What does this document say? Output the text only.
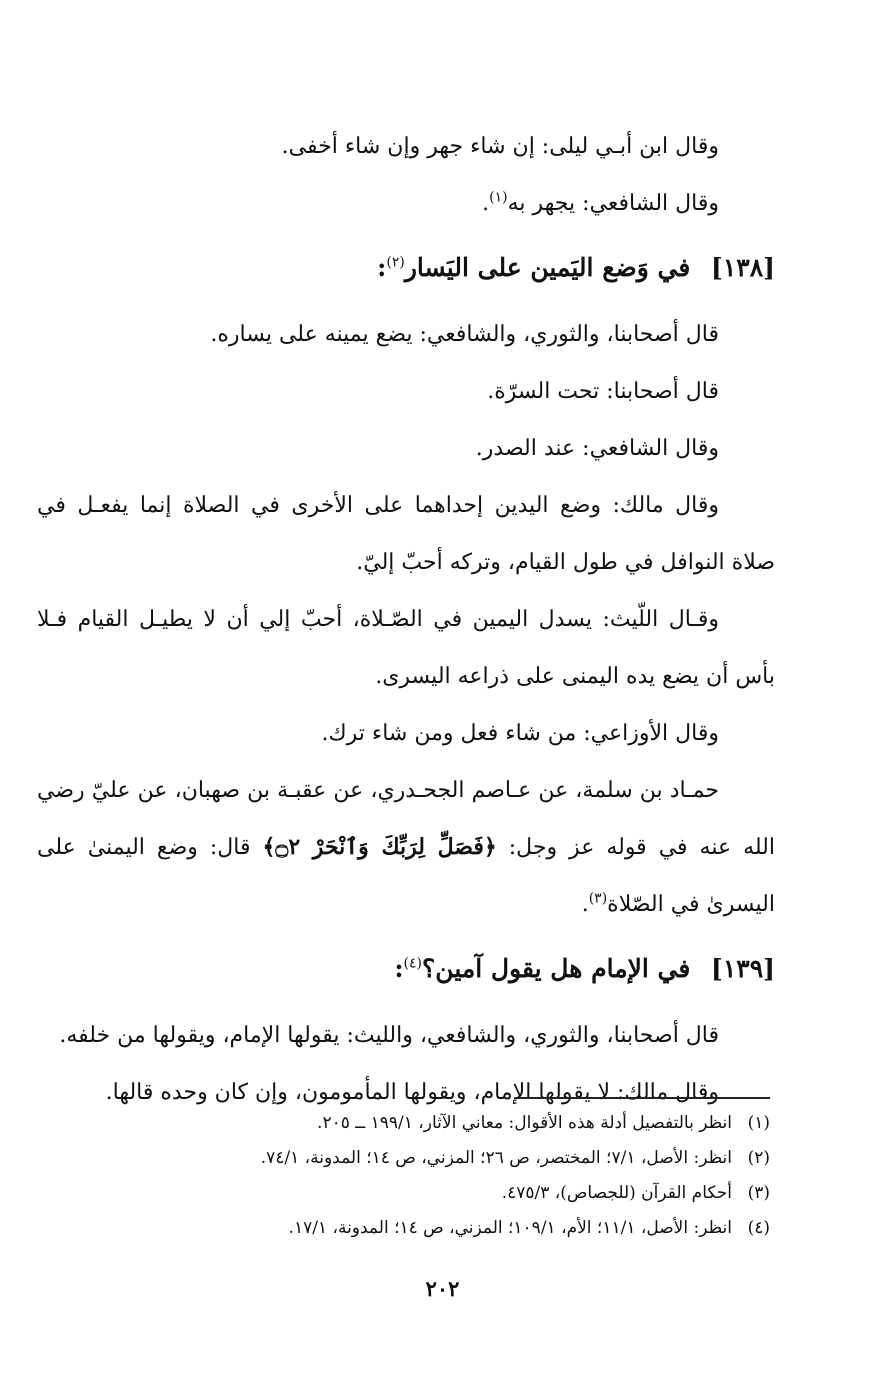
وقال ابن أبـي ليلى: إن شاء جهر وإن شاء أخفى.

وقال الشافعي: يجهر به$^{(١)}$.

[١٣٨] في وَضع اليَمين على اليَسار$^{(٢)}$:

قال أصحابنا، والثوري، والشافعي: يضع يمينه على يساره.

قال أصحابنا: تحت السرّة.

وقال الشافعي: عند الصدر.

وقال مالك: وضع اليدين إحداهما على الأخرى في الصلاة إنما يفعـل في صلاة النوافل في طول القيام، وتركه أحبّ إليّ.

وقـال اللّيث: يسدل اليمين في الصّـلاة، أحبّ إلي أن لا يطيـل القيام فـلا بأس أن يضع يده اليمنى على ذراعه اليسرى.

وقال الأوزاعي: من شاء فعل ومن شاء ترك.

حمـاد بن سلمة، عن عـاصم الجحـدري، عن عقبـة بن صهبان، عن عليّ رضي الله عنه في قوله عز وجل: ﴿فَصَلِّ لِرَبِّكَ وَٱنْحَرْ ۝٢﴾ قال: وضع اليمنىٰ على اليسرىٰ في الصّلاة$^{(٣)}$.

[١٣٩] في الإمام هل يقول آمين؟$^{(٤)}$:

قال أصحابنا، والثوري، والشافعي، والليث: يقولها الإمام، ويقولها من خلفه.

وقال مالك: لا يقولها الإمام، ويقولها المأمومون، وإن كان وحده قالها.

(١)انظر بالتفصيل أدلة هذه الأقوال: معاني الآثار، ١٩٩/١ ــ ٢٠٥.

(٢)انظر: الأصل، ٧/١؛ المختصر، ص ٢٦؛ المزني، ص ١٤؛ المدونة، ٧٤/١.

(٣)أحكام القرآن (للجصاص)، ٤٧٥/٣.

(٤)انظر: الأصل، ١١/١؛ الأم، ١٠٩/١؛ المزني، ص ١٤؛ المدونة، ١٧/١.

٢٠٢
